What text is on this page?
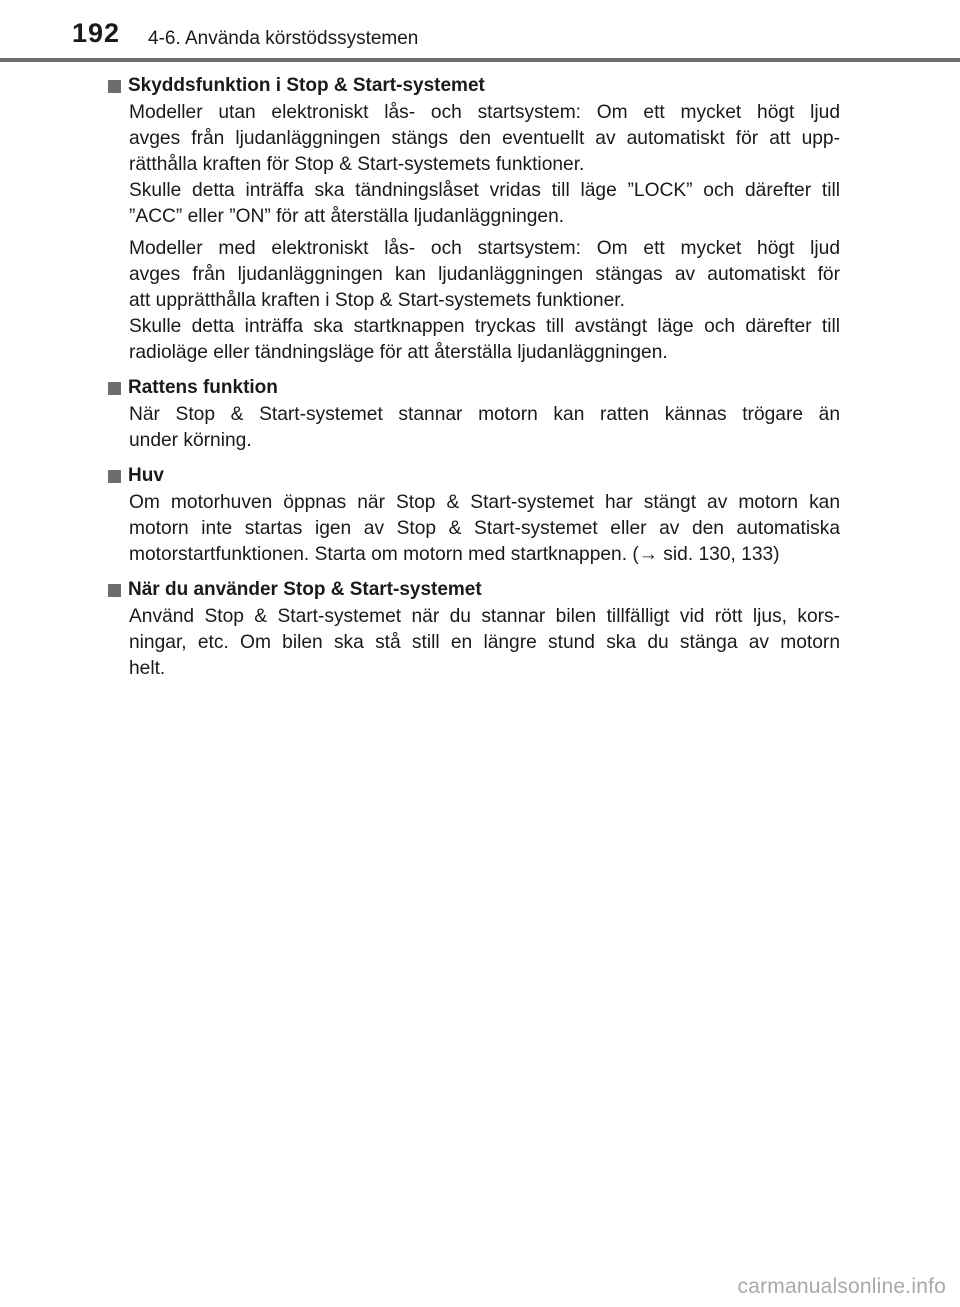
192 4-6. Använda körstödssystemen
Skyddsfunktion i Stop & Start-systemet
Modeller utan elektroniskt lås- och startsystem: Om ett mycket högt ljud
avges från ljudanläggningen stängs den eventuellt av automatiskt för att upp-
rätthålla kraften för Stop & Start-systemets funktioner.
Skulle detta inträffa ska tändningslåset vridas till läge ”LOCK” och därefter till
”ACC” eller ”ON” för att återställa ljudanläggningen.
Modeller med elektroniskt lås- och startsystem: Om ett mycket högt ljud
avges från ljudanläggningen kan ljudanläggningen stängas av automatiskt för
att upprätthålla kraften i Stop & Start-systemets funktioner.
Skulle detta inträffa ska startknappen tryckas till avstängt läge och därefter till
radioläge eller tändningsläge för att återställa ljudanläggningen.
Rattens funktion
När Stop & Start-systemet stannar motorn kan ratten kännas trögare än
under körning.
Huv
Om motorhuven öppnas när Stop & Start-systemet har stängt av motorn kan
motorn inte startas igen av Stop & Start-systemet eller av den automatiska
motorstartfunktionen. Starta om motorn med startknappen. (→ sid. 130, 133)
När du använder Stop & Start-systemet
Använd Stop & Start-systemet när du stannar bilen tillfälligt vid rött ljus, kors-
ningar, etc. Om bilen ska stå still en längre stund ska du stänga av motorn
helt.
carmanualsonline.info
